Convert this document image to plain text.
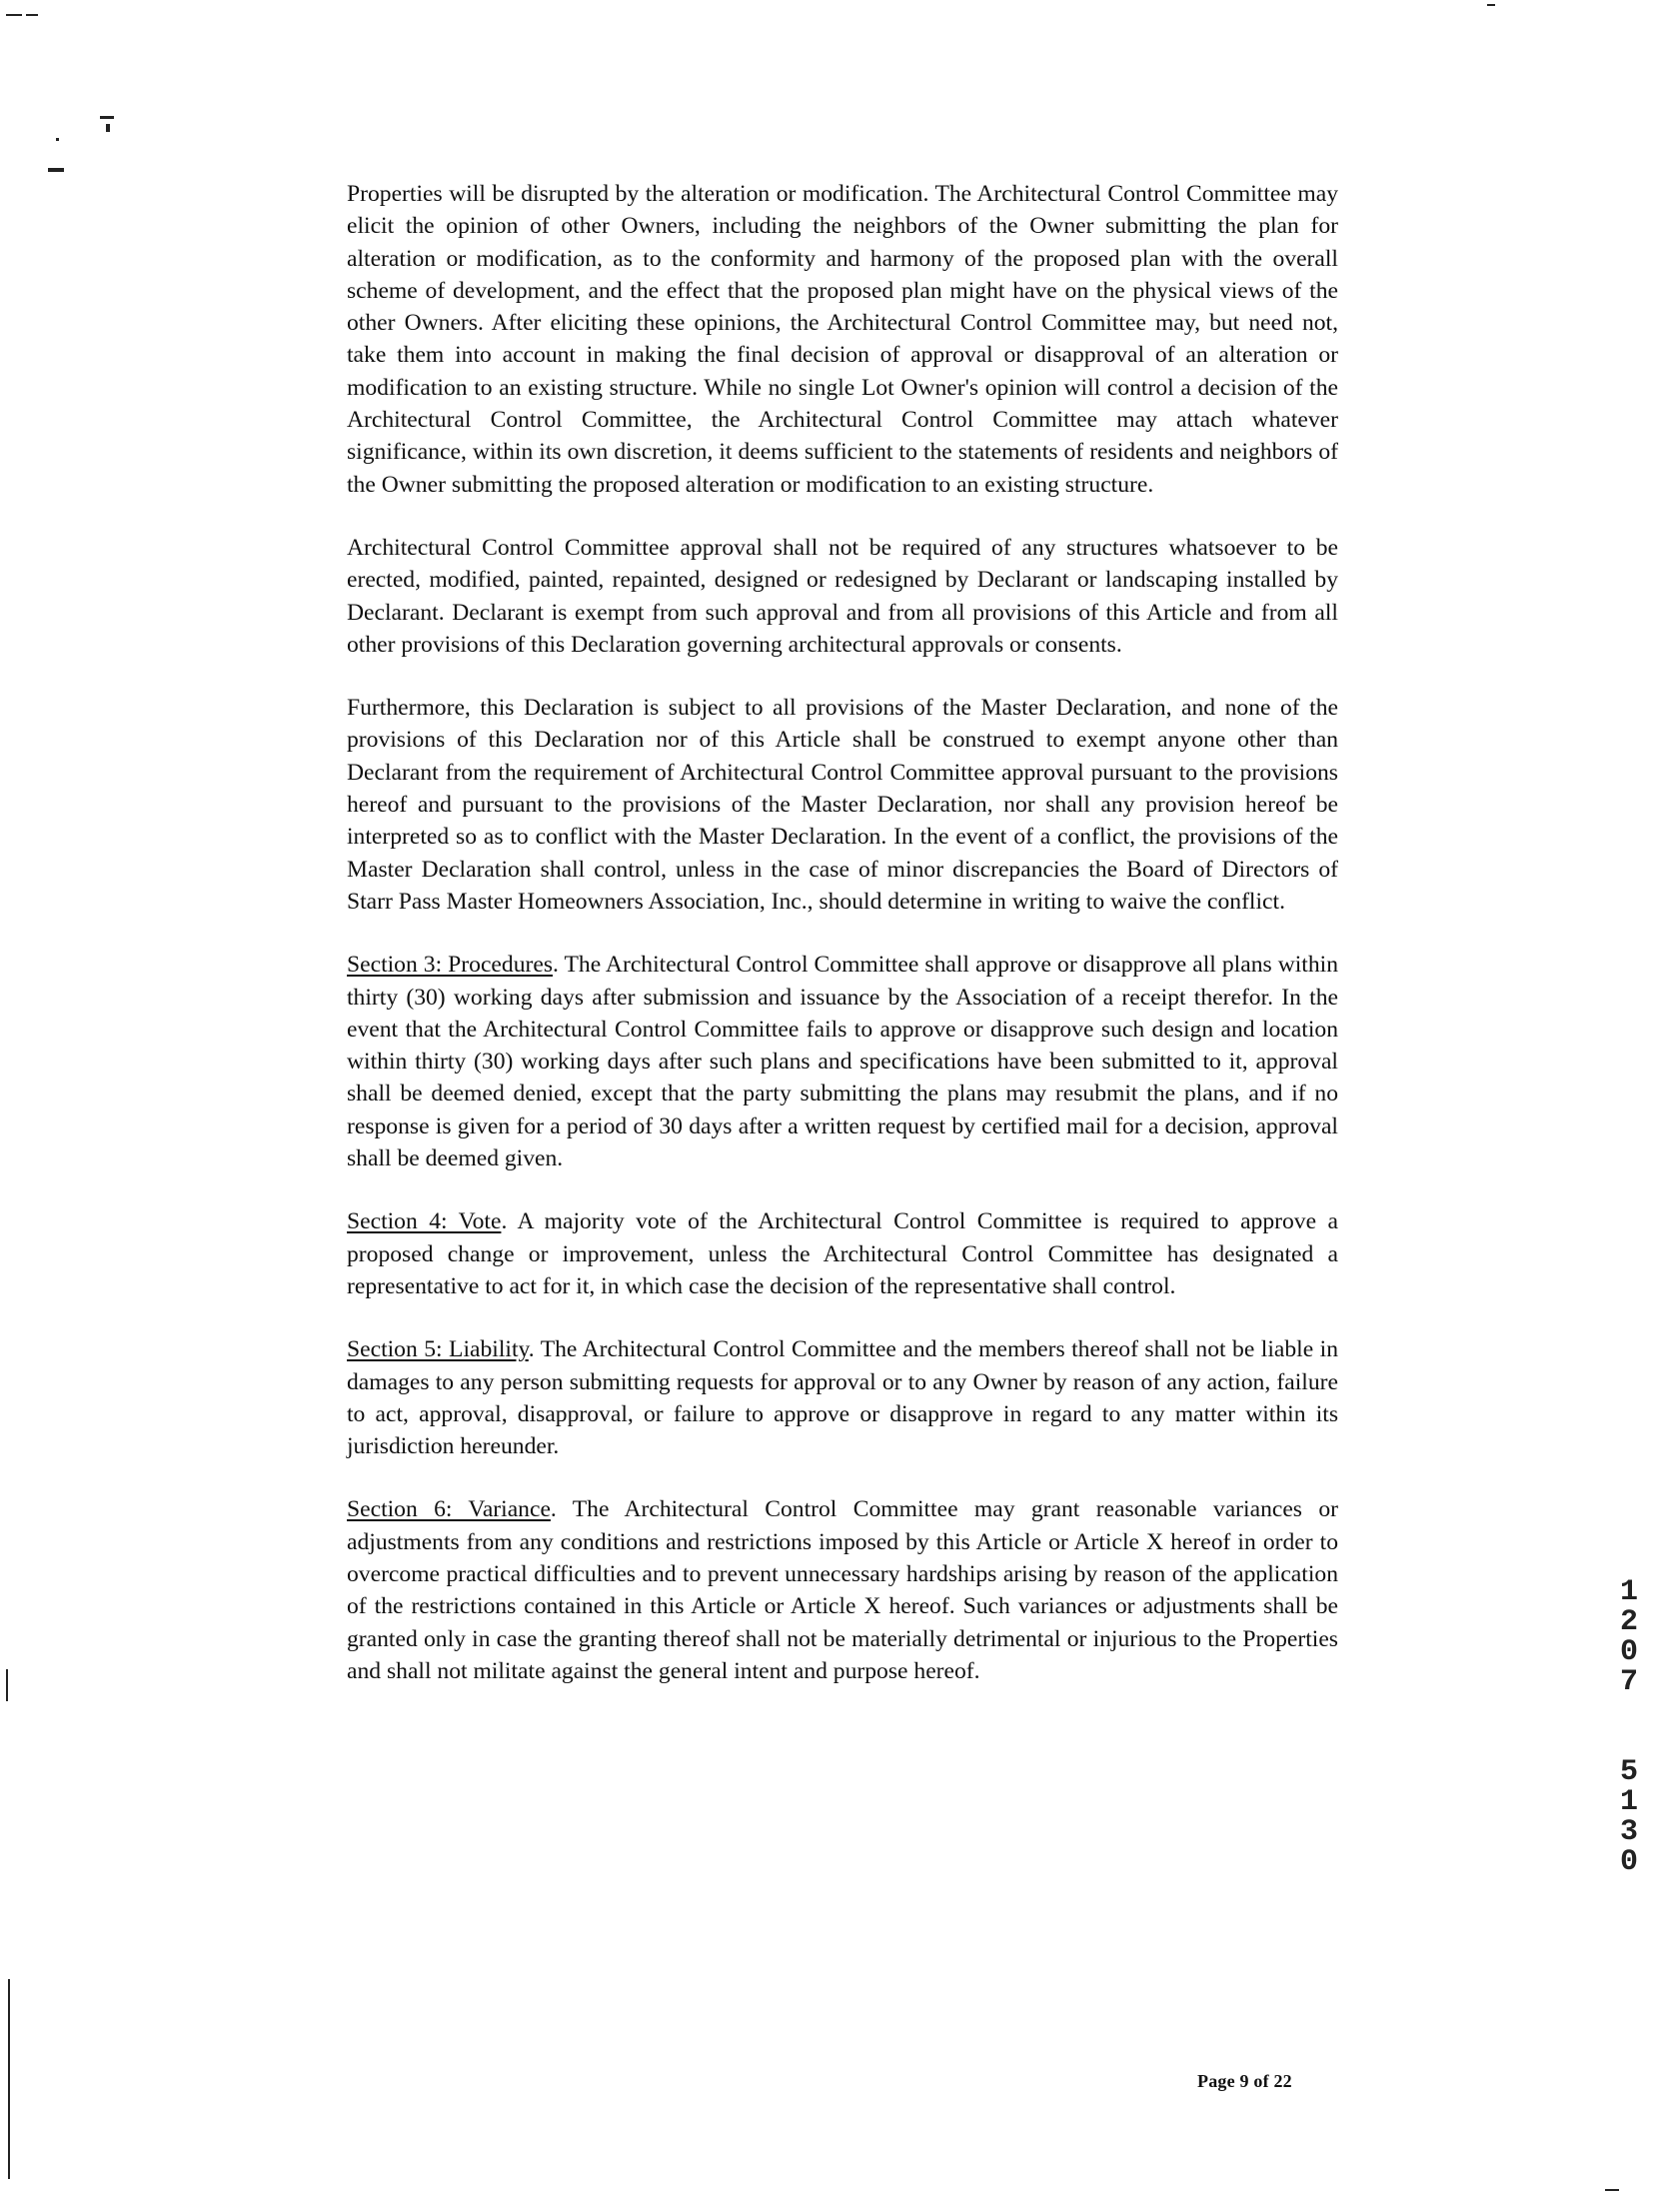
Properties will be disrupted by the alteration or modification. The Architectural Control Committee may elicit the opinion of other Owners, including the neighbors of the Owner submitting the plan for alteration or modification, as to the conformity and harmony of the proposed plan with the overall scheme of development, and the effect that the proposed plan might have on the physical views of the other Owners. After eliciting these opinions, the Architectural Control Committee may, but need not, take them into account in making the final decision of approval or disapproval of an alteration or modification to an existing structure. While no single Lot Owner's opinion will control a decision of the Architectural Control Committee, the Architectural Control Committee may attach whatever significance, within its own discretion, it deems sufficient to the statements of residents and neighbors of the Owner submitting the proposed alteration or modification to an existing structure.

Architectural Control Committee approval shall not be required of any structures whatsoever to be erected, modified, painted, repainted, designed or redesigned by Declarant or landscaping installed by Declarant. Declarant is exempt from such approval and from all provisions of this Article and from all other provisions of this Declaration governing architectural approvals or consents.

Furthermore, this Declaration is subject to all provisions of the Master Declaration, and none of the provisions of this Declaration nor of this Article shall be construed to exempt anyone other than Declarant from the requirement of Architectural Control Committee approval pursuant to the provisions hereof and pursuant to the provisions of the Master Declaration, nor shall any provision hereof be interpreted so as to conflict with the Master Declaration. In the event of a conflict, the provisions of the Master Declaration shall control, unless in the case of minor discrepancies the Board of Directors of Starr Pass Master Homeowners Association, Inc., should determine in writing to waive the conflict.

Section 3: Procedures. The Architectural Control Committee shall approve or disapprove all plans within thirty (30) working days after submission and issuance by the Association of a receipt therefor. In the event that the Architectural Control Committee fails to approve or disapprove such design and location within thirty (30) working days after such plans and specifications have been submitted to it, approval shall be deemed denied, except that the party submitting the plans may resubmit the plans, and if no response is given for a period of 30 days after a written request by certified mail for a decision, approval shall be deemed given.

Section 4: Vote. A majority vote of the Architectural Control Committee is required to approve a proposed change or improvement, unless the Architectural Control Committee has designated a representative to act for it, in which case the decision of the representative shall control.

Section 5: Liability. The Architectural Control Committee and the members thereof shall not be liable in damages to any person submitting requests for approval or to any Owner by reason of any action, failure to act, approval, disapproval, or failure to approve or disapprove in regard to any matter within its jurisdiction hereunder.

Section 6: Variance. The Architectural Control Committee may grant reasonable variances or adjustments from any conditions and restrictions imposed by this Article or Article X hereof in order to overcome practical difficulties and to prevent unnecessary hardships arising by reason of the application of the restrictions contained in this Article or Article X hereof. Such variances or adjustments shall be granted only in case the granting thereof shall not be materially detrimental or injurious to the Properties and shall not militate against the general intent and purpose hereof.

1
2
0
7
5
1
3
0
Page 9 of 22
